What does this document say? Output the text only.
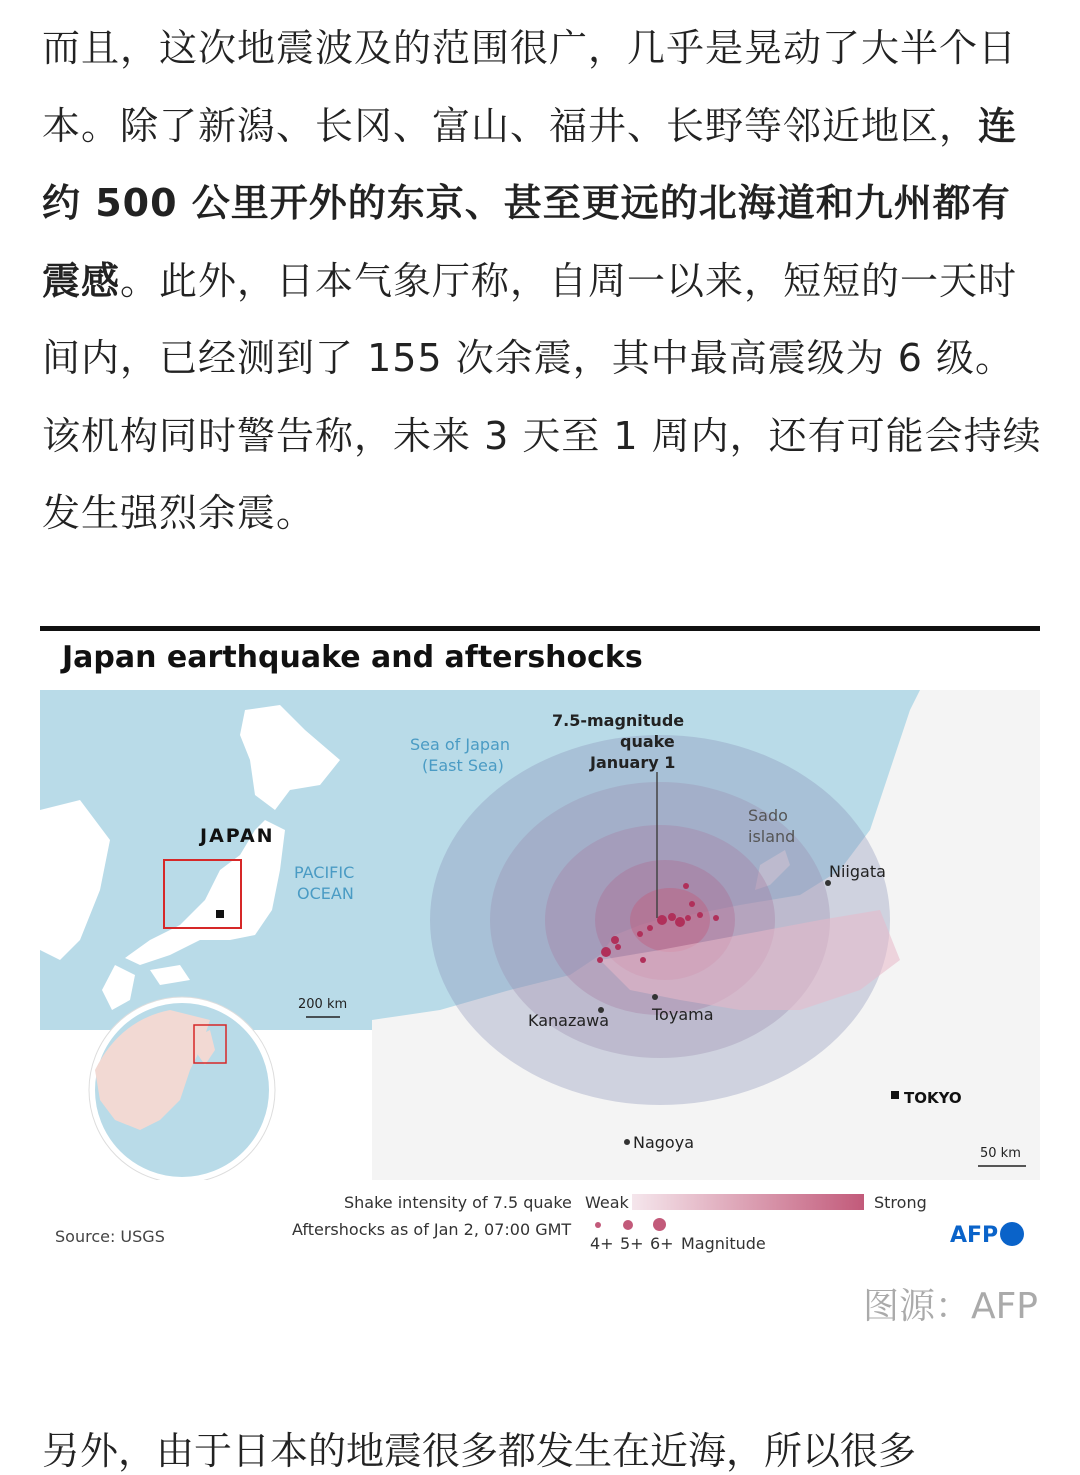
而且，这次地震波及的范围很广，几乎是晃动了大半个日本。除了新潟、长冈、富山、福井、长野等邻近地区，连约 500 公里开外的东京、甚至更远的北海道和九州都有震感。此外，日本气象厅称，自周一以来，短短的一天时间内，已经测到了 155 次余震，其中最高震级为 6 级。该机构同时警告称，未来 3 天至 1 周内，还有可能会持续发生强烈余震。
Japan earthquake and aftershocks
JAPAN
PACIFIC
OCEAN
200 km
Sea of Japan
(East Sea)
7.5-magnitude
quake
January 1
Sado
island
Niigata
Kanazawa	Toyama
TOKYO
Nagoya
50 km
Shake intensity of 7.5 quake Weak	Strong
Aftershocks as of Jan 2, 07:00 GMT
4+ 5+ 6+ Magnitude
Source: USGS	AFP
图源：AFP
另外，由于日本的地震很多都发生在近海，所以很多
